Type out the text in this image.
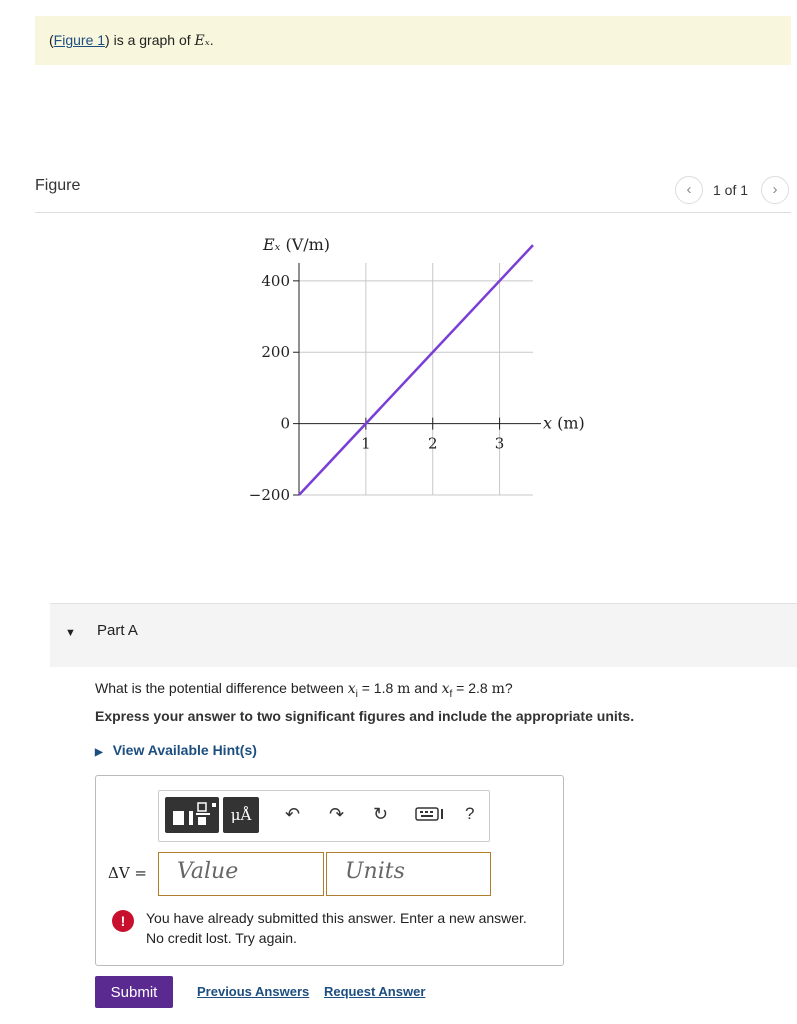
(Figure 1) is a graph of Eₓ.
Figure	‹	1 of 1	›
400
200
0
−200
1	2	3
Eₓ (V/m)
x (m)
▼ Part A
What is the potential difference between $x_i = 1.8$ m and $x_f = 2.8$ m?
Express your answer to two significant figures and include the appropriate units.
▶ View Available Hint(s)
μÅ	↶ ↷ ↻	?
ΔV = Value	Units
!	You have already submitted this answer. Enter a new answer.
No credit lost. Try again.
Submit	Previous Answers Request Answer
